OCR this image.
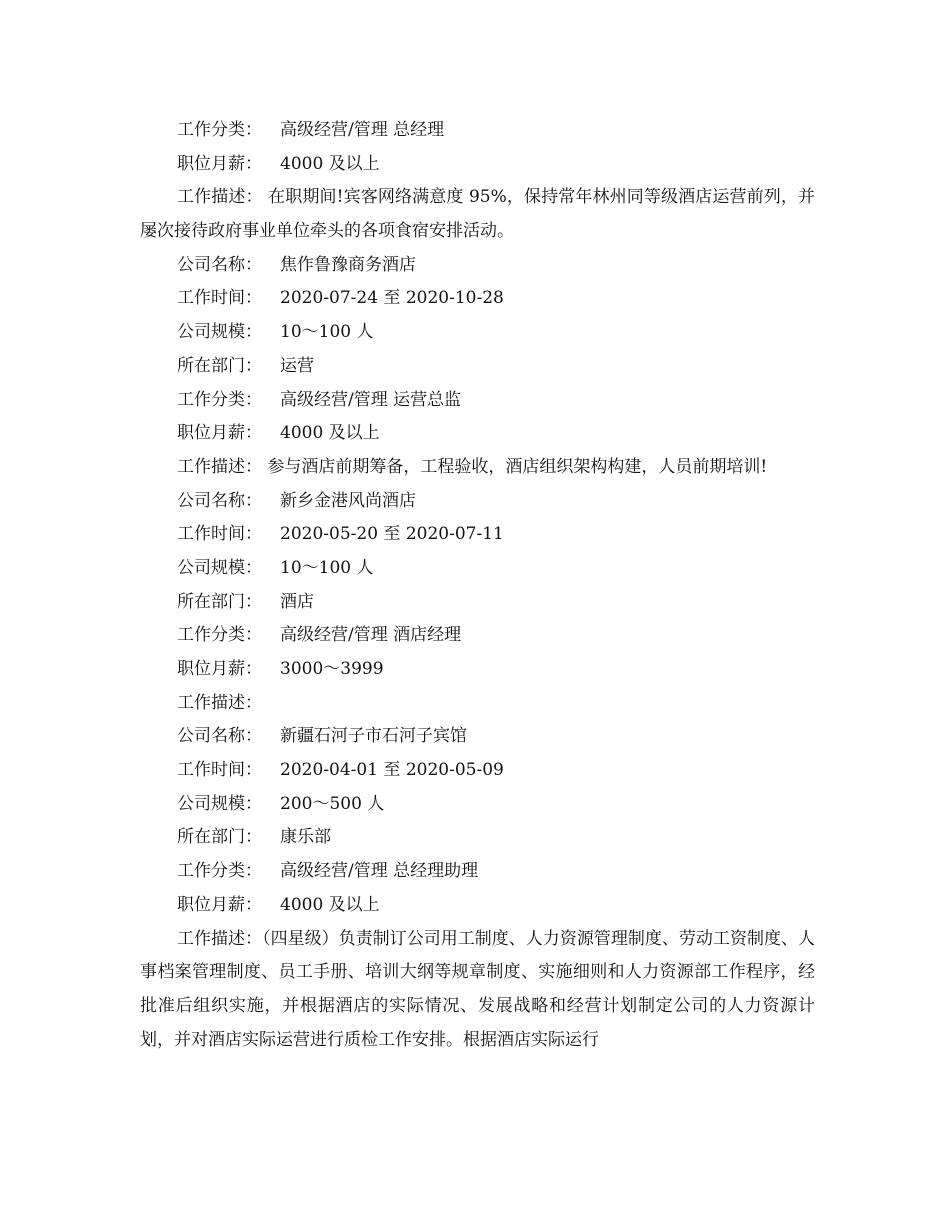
工作分类： 高级经营/管理 总经理
职位月薪： 4000 及以上

工作描述： 在职期间!宾客网络满意度 95%，保持常年林州同等级酒店运营前列，并屡次接待政府事业单位牵头的各项食宿安排活动。

公司名称： 焦作鲁豫商务酒店
工作时间： 2020-07-24 至 2020-10-28
公司规模： 10～100 人
所在部门： 运营
工作分类： 高级经营/管理 运营总监
职位月薪： 4000 及以上

工作描述： 参与酒店前期筹备，工程验收，酒店组织架构构建，人员前期培训!

公司名称： 新乡金港风尚酒店
工作时间： 2020-05-20 至 2020-07-11
公司规模： 10～100 人
所在部门： 酒店
工作分类： 高级经营/管理 酒店经理
职位月薪： 3000～3999
工作描述：
公司名称： 新疆石河子市石河子宾馆
工作时间： 2020-04-01 至 2020-05-09
公司规模： 200～500 人
所在部门： 康乐部
工作分类： 高级经营/管理 总经理助理
职位月薪： 4000 及以上

工作描述：（四星级）负责制订公司用工制度、人力资源管理制度、劳动工资制度、人事档案管理制度、员工手册、培训大纲等规章制度、实施细则和人力资源部工作程序，经批准后组织实施，并根据酒店的实际情况、发展战略和经营计划制定公司的人力资源计划，并对酒店实际运营进行质检工作安排。根据酒店实际运行
